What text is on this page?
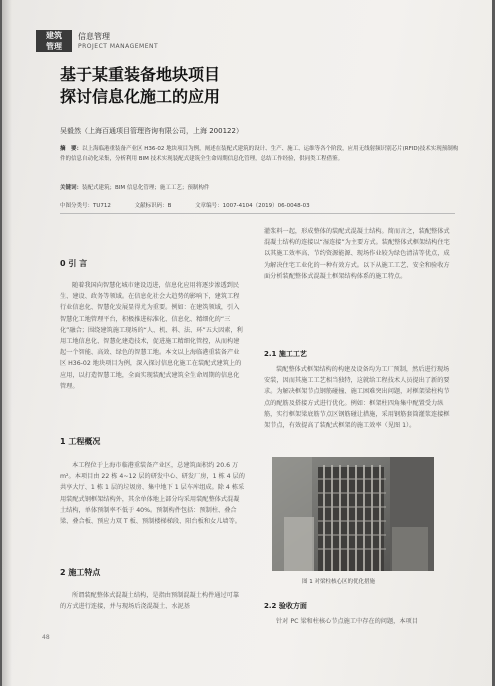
建筑
管理
信息管理
PROJECT MANAGEMENT
基于某重装备地块项目
探讨信息化施工的应用
吴毅然（上海百通项目管理咨询有限公司，上海 200122）
摘　要：以上海临港重装备产业区 H36-02 地块项目为例，阐述在装配式建筑的设计、生产、施工、运维等各个阶段，应用无线射频识别芯片(RFID)技术实现预制构件的信息自动化采集，分析利用 BIM 技术实现装配式建筑全生命周期信息化管理，总结工作经验，供同类工程借鉴。
关键词：装配式建筑；BIM 信息化管理；施工工艺；预制构件
中图分类号：TU712	文献标识码：B	文章编号：1007-4104（2019）06-0048-03
0 引 言

随着我国向智慧化城市建设迈进，信息化应用将逐步渗透到民生、建设、政务等领域。在信息化社会大趋势的影响下，建筑工程行业信息化、智慧化发展显得尤为重要。例如：在建筑领域，引入智慧化工地管理平台，积极推进标准化、信息化、精细化的“三化”融合；围绕建筑施工现场的“人、机、料、法、环”五大因素，利用工地信息化、智慧化建造技术，促进施工精细化管控，从而构建起一个智能、高效、绿色的智慧工地。本文以上海临港重装备产业区 H36-02 地块项目为例，深入探讨信息化施工在装配式建筑上的应用，以打造智慧工地，全面实现装配式建筑全生命周期的信息化管理。

1 工程概况

本工程位于上海市临港重装备产业区，总建筑面积约 20.6 万 m²。本项目由 22 栋 4~12 层的研发中心、研发厂房，1 栋 4 层的共享大厅、1 栋 1 层的垃圾房、集中地下 1 层车库组成。除 4 栋采用装配式钢框架结构外，其余单体地上部分均采用装配整体式混凝土结构，单体预制率不低于 40%。预制构件包括：预制柱、叠合梁、叠合板、预应力双 T 板、预制楼梯梯段、阳台板和女儿墙等。

2 施工特点

所谓装配整体式混凝土结构，是指由预制混凝土构件通过可靠的方式进行连接，并与现场后浇混凝土、水泥基

灌浆料一起，形成整体的装配式混凝土结构。简而言之，装配整体式混凝土结构的连接以“湿连接”为主要方式。装配整体式框架结构住宅以其施工效率高、节约资源能源、现场作业较为绿色清洁等优点，成为解决住宅工业化的一种有效方式。以下从施工工艺、安全和验收方面分析装配整体式混凝土框架结构体系的施工特点。

2.1 施工工艺

装配整体式框架结构的构建及设备均为工厂预制，然后进行现场安装，因而其施工工艺相当独特，这就给工程技术人员提出了新的要求。为解决框架节点钢筋碰撞、施工困难突出问题，对框架梁柱构节点的配筋及搭接方式进行优化。例如：框架柱四角集中配置受力纵筋，实行框架梁底筋节点区钢筋碰让措施，采用钢筋套筒灌浆连接框架节点，有效提高了装配式框架的施工效率（见图 1）。

图 1 对梁柱核心区的优化措施
2.2 验收方面

针对 PC 梁和柱核心节点施工中存在的问题，本项目

48
